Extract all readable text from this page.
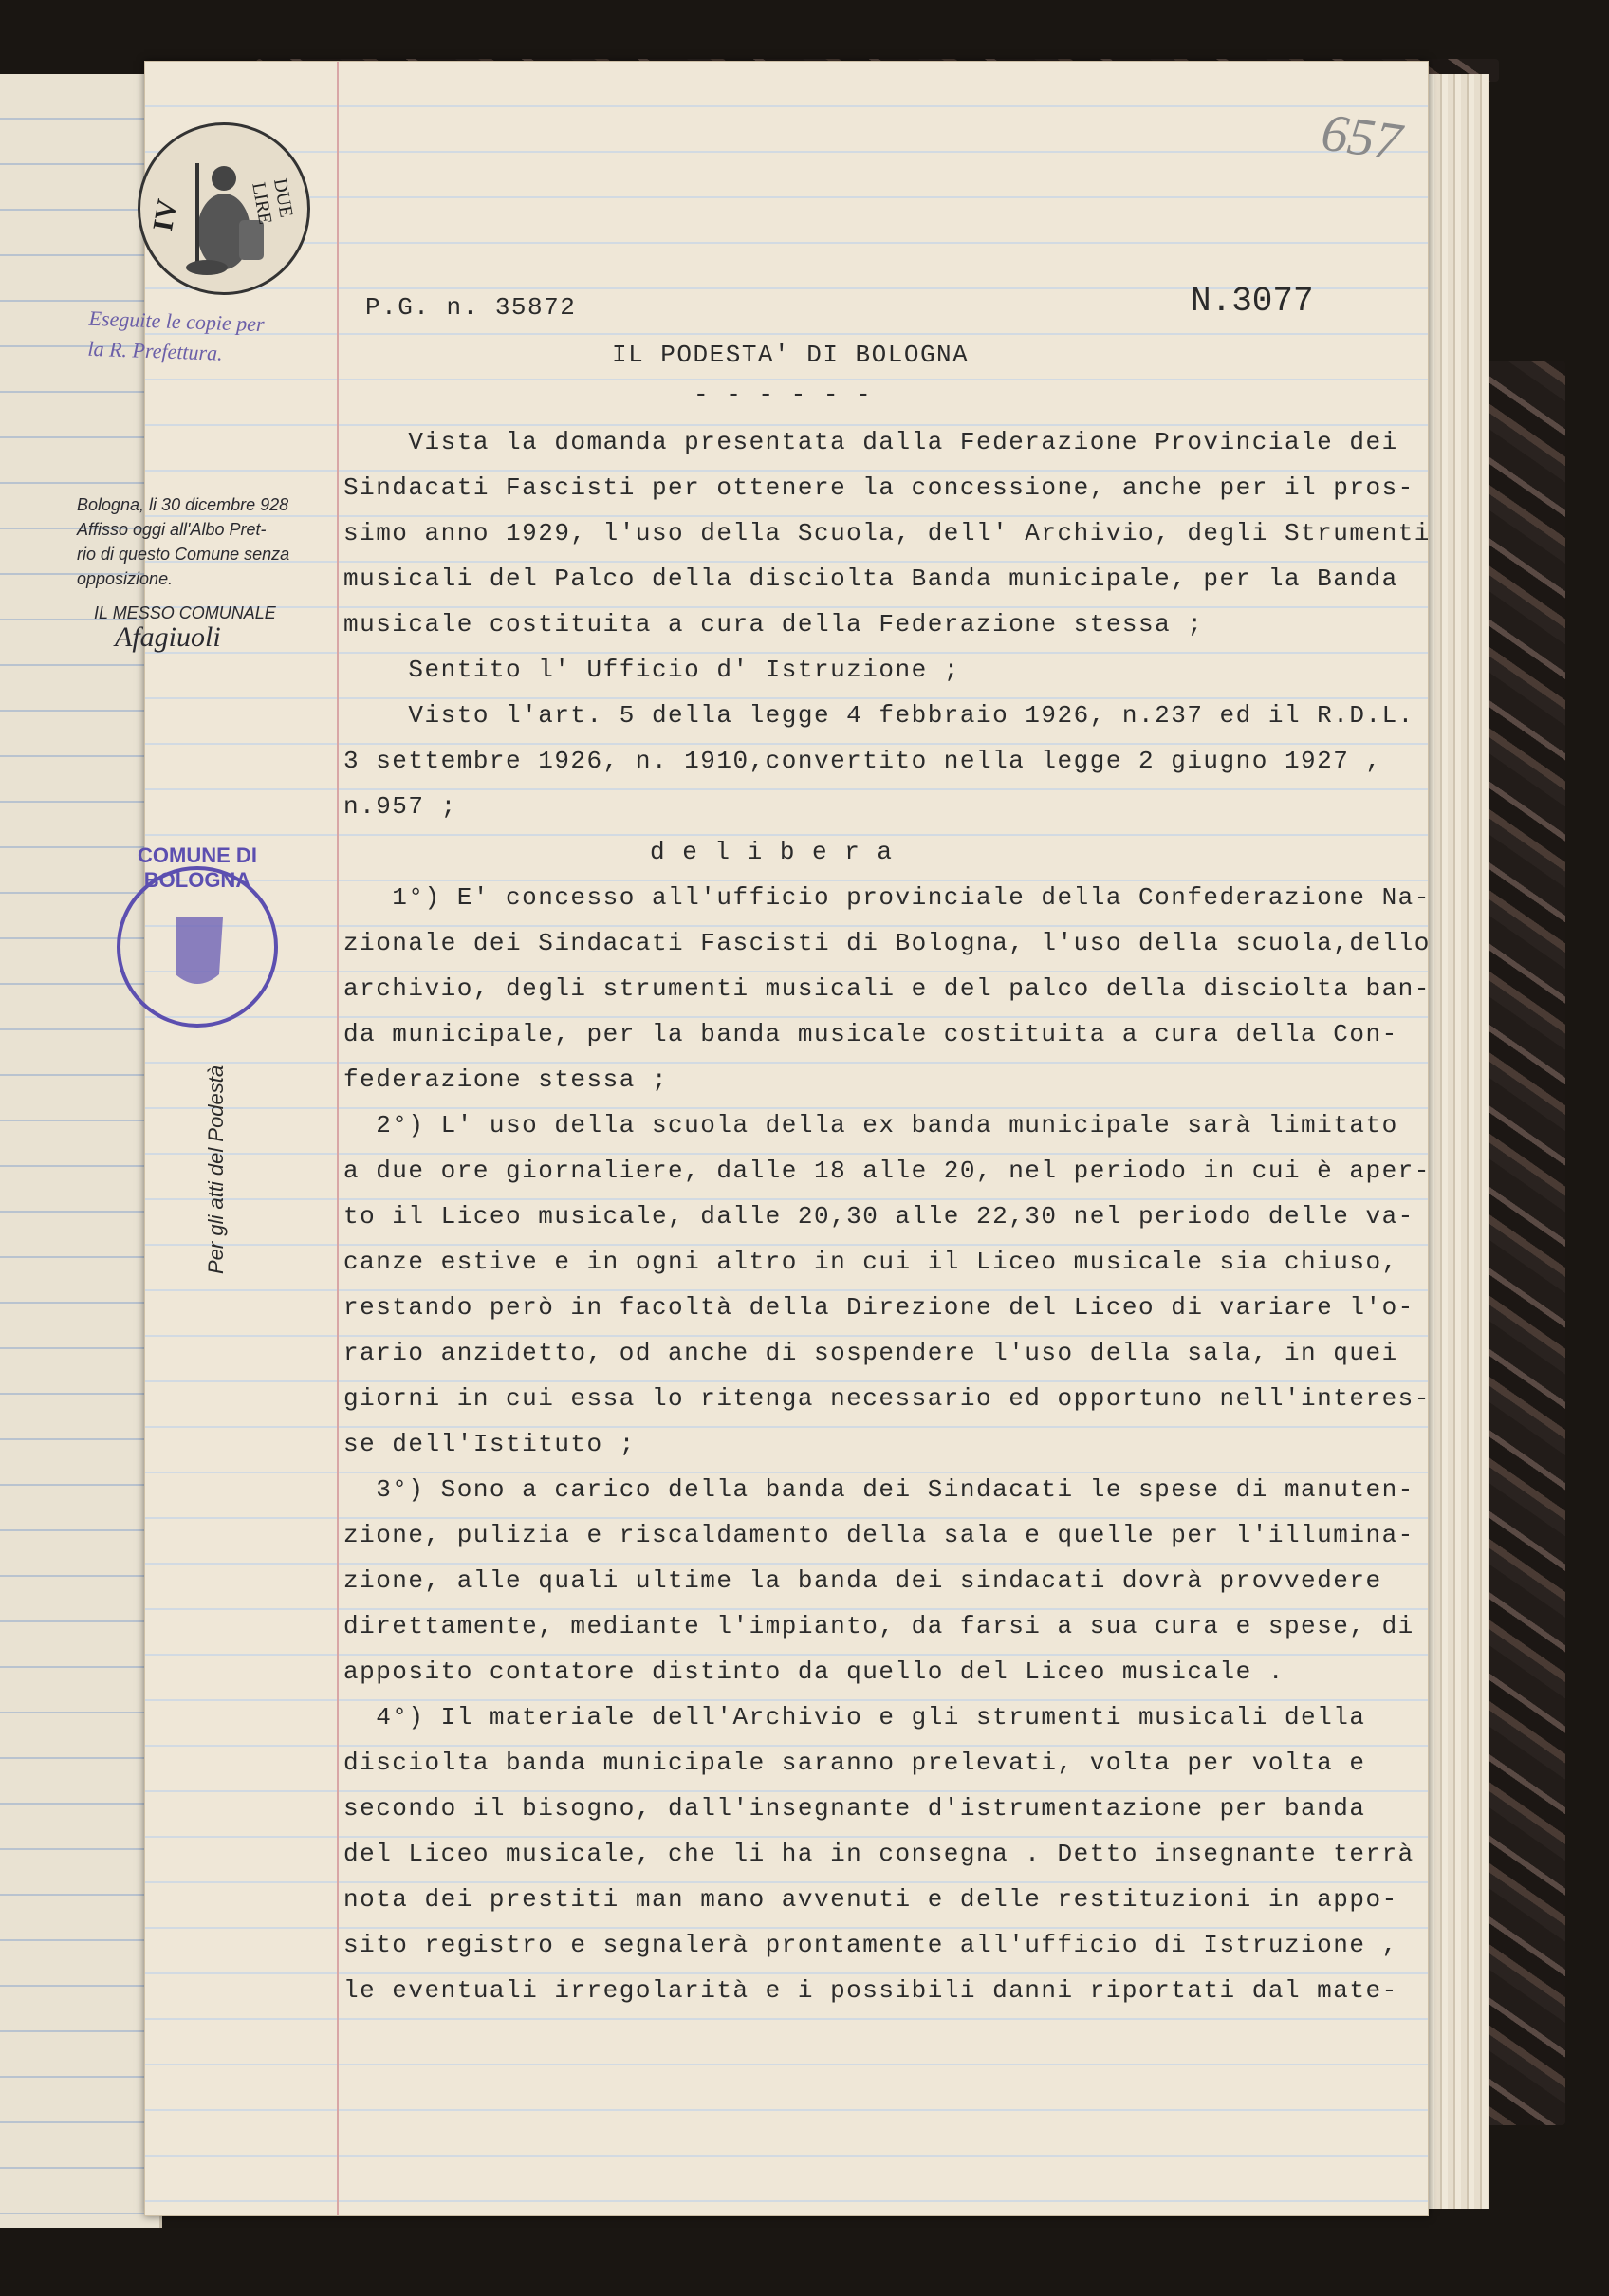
657
IV	DUE LIRE
Eseguite le copie per
la R. Prefettura.
Bologna, li 30 dicembre 928
Affisso oggi all'Albo Pret-
rio di questo Comune senza
opposizione.
IL MESSO COMUNALE
Afagiuoli
COMUNE DI BOLOGNA
Per gli atti del Podestà
P.G. n. 35872	N.3077
IL PODESTA' DI BOLOGNA
- - - - - -
Vista la domanda presentata dalla Federazione Provinciale dei
Sindacati Fascisti per ottenere la concessione, anche per il pros-
simo anno 1929, l'uso della Scuola, dell' Archivio, degli Strumenti
musicali del Palco della disciolta Banda municipale, per la Banda
musicale costituita a cura della Federazione stessa ;
Sentito l' Ufficio d' Istruzione ;
Visto l'art. 5 della legge 4 febbraio 1926, n.237 ed il R.D.L.
3 settembre 1926, n. 1910,convertito nella legge 2 giugno 1927 ,
n.957 ;
d e l i b e r a
1°) E' concesso all'ufficio provinciale della Confederazione Na-
zionale dei Sindacati Fascisti di Bologna, l'uso della scuola,dello
archivio, degli strumenti musicali e del palco della disciolta ban-
da municipale, per la banda musicale costituita a cura della Con-
federazione stessa ;
2°) L' uso della scuola della ex banda municipale sarà limitato
a due ore giornaliere, dalle 18 alle 20, nel periodo in cui è aper-
to il Liceo musicale, dalle 20,30 alle 22,30 nel periodo delle va-
canze estive e in ogni altro in cui il Liceo musicale sia chiuso,
restando però in facoltà della Direzione del Liceo di variare l'o-
rario anzidetto, od anche di sospendere l'uso della sala, in quei
giorni in cui essa lo ritenga necessario ed opportuno nell'interes-
se dell'Istituto ;
3°) Sono a carico della banda dei Sindacati le spese di manuten-
zione, pulizia e riscaldamento della sala e quelle per l'illumina-
zione, alle quali ultime la banda dei sindacati dovrà provvedere
direttamente, mediante l'impianto, da farsi a sua cura e spese, di
apposito contatore distinto da quello del Liceo musicale .
4°) Il materiale dell'Archivio e gli strumenti musicali della
disciolta banda municipale saranno prelevati, volta per volta e
secondo il bisogno, dall'insegnante d'istrumentazione per banda
del Liceo musicale, che li ha in consegna . Detto insegnante terrà
nota dei prestiti man mano avvenuti e delle restituzioni in appo-
sito registro e segnalerà prontamente all'ufficio di Istruzione ,
le eventuali irregolarità e i possibili danni riportati dal mate-
